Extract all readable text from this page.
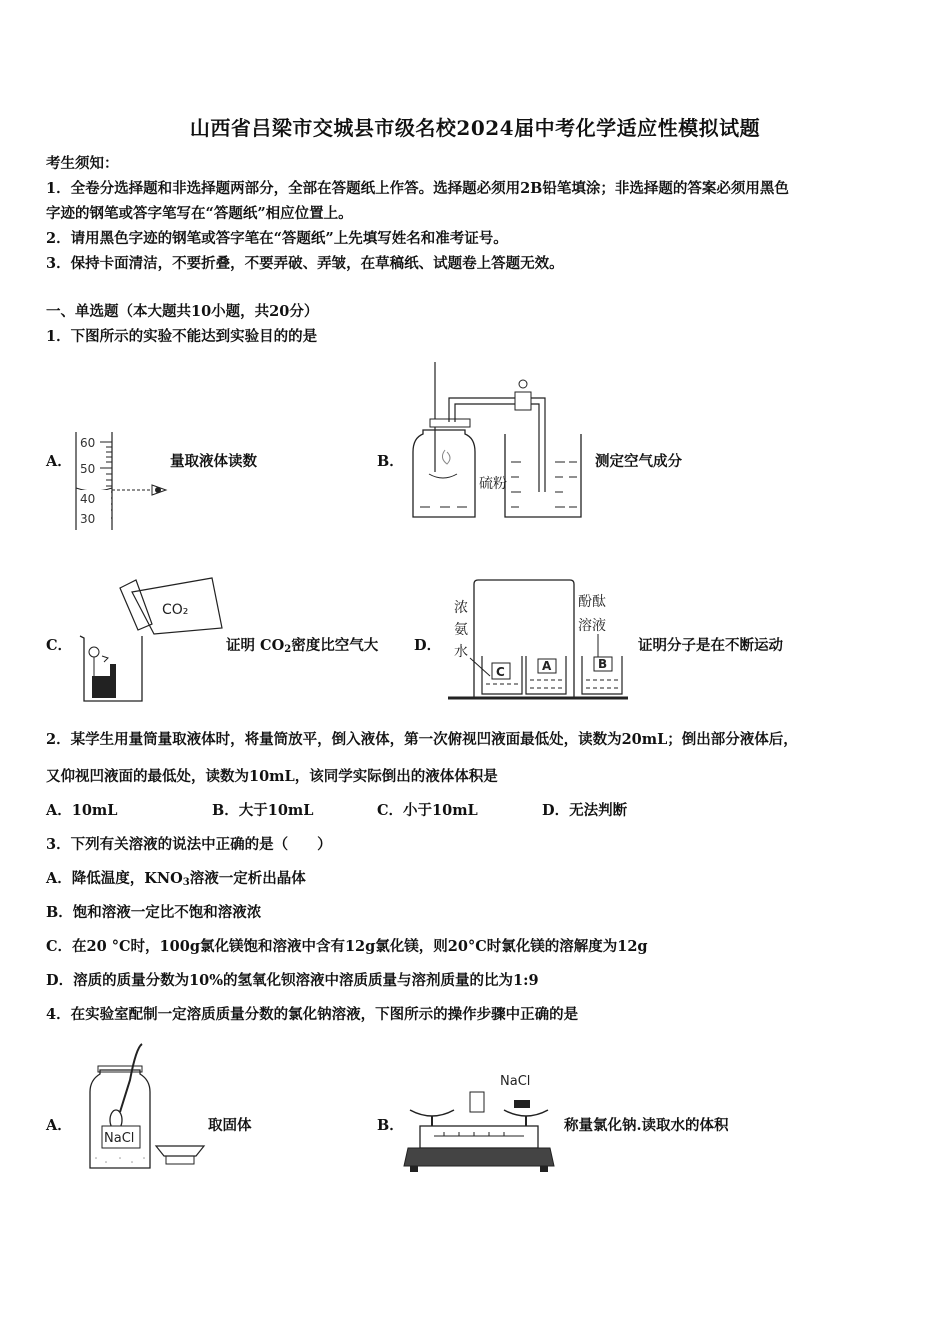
山西省吕梁市交城县市级名校2024届中考化学适应性模拟试题
考生须知：
1．全卷分选择题和非选择题两部分，全部在答题纸上作答。选择题必须用2B铅笔填涂；非选择题的答案必须用黑色
字迹的钢笔或答字笔写在“答题纸”相应位置上。
2．请用黑色字迹的钢笔或答字笔在“答题纸”上先填写姓名和准考证号。
3．保持卡面清洁，不要折叠，不要弄破、弄皱，在草稿纸、试题卷上答题无效。
一、单选题（本大题共10小题，共20分）
1．下图所示的实验不能达到实验目的的是
A．
60
50
40
30
量取液体读数	B．
硫粉
测定空气成分
C．
CO₂
证明 $CO_2$密度比空气大 D．
浓
氨
水
酚酞
溶液
C	A	B
证明分子是在不断运动
2．某学生用量筒量取液体时，将量筒放平，倒入液体，第一次俯视凹液面最低处，读数为20mL；倒出部分液体后，
又仰视凹液面的最低处，读数为10mL，该同学实际倒出的液体体积是
A．10mL	B．大于10mL	C．小于10mL	D．无法判断
3．下列有关溶液的说法中正确的是（　　）
A．降低温度，$KNO_3$溶液一定析出晶体
B．饱和溶液一定比不饱和溶液浓
C．在20 °C时，100g氯化镁饱和溶液中含有12g氯化镁，则20°C时氯化镁的溶解度为12g
D．溶质的质量分数为10%的氢氧化钡溶液中溶质质量与溶剂质量的比为1:9
4．在实验室配制一定溶质质量分数的氯化钠溶液，下图所示的操作步骤中正确的是
A．
NaCl
取固体	B．
NaCl
称量氯化钠.读取水的体积
